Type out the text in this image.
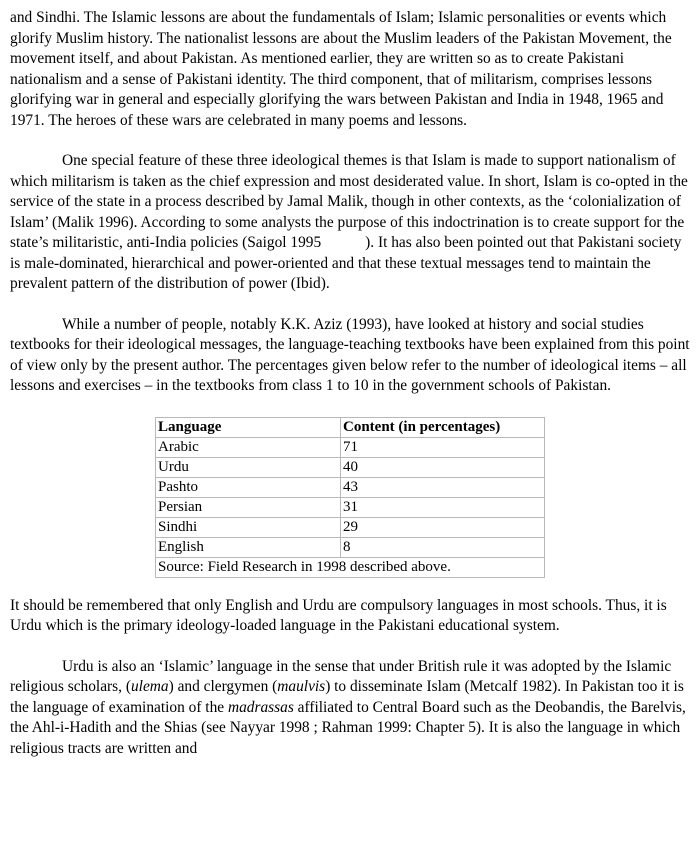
and Sindhi. The Islamic lessons are about the fundamentals of Islam; Islamic personalities or events which glorify Muslim history. The nationalist lessons are about the Muslim leaders of the Pakistan Movement, the movement itself, and about Pakistan. As mentioned earlier, they are written so as to create Pakistani nationalism and a sense of Pakistani identity. The third component, that of militarism, comprises lessons glorifying war in general and especially glorifying the wars between Pakistan and India in 1948, 1965 and 1971. The heroes of these wars are celebrated in many poems and lessons.

One special feature of these three ideological themes is that Islam is made to support nationalism of which militarism is taken as the chief expression and most desiderated value. In short, Islam is co-opted in the service of the state in a process described by Jamal Malik, though in other contexts, as the ‘colonialization of Islam’ (Malik 1996). According to some analysts the purpose of this indoctrination is to create support for the state’s militaristic, anti-India policies (Saigol 1995	). It has also been pointed out that Pakistani society is male-dominated, hierarchical and power-oriented and that these textual messages tend to maintain the prevalent pattern of the distribution of power (Ibid).

While a number of people, notably K.K. Aziz (1993), have looked at history and social studies textbooks for their ideological messages, the language-teaching textbooks have been explained from this point of view only by the present author. The percentages given below refer to the number of ideological items – all lessons and exercises – in the textbooks from class 1 to 10 in the government schools of Pakistan.

Language	Content (in percentages)
Arabic	71
Urdu	40
Pashto	43
Persian	31
Sindhi	29
English	8
Source: Field Research in 1998 described above.	

It should be remembered that only English and Urdu are compulsory languages in most schools. Thus, it is Urdu which is the primary ideology-loaded language in the Pakistani educational system.

Urdu is also an ‘Islamic’ language in the sense that under British rule it was adopted by the Islamic religious scholars, (ulema) and clergymen (maulvis) to disseminate Islam (Metcalf 1982). In Pakistan too it is the language of examination of the madrassas affiliated to Central Board such as the Deobandis, the Barelvis, the Ahl-i-Hadith and the Shias (see Nayyar 1998 ; Rahman 1999: Chapter 5). It is also the language in which religious tracts are written and
